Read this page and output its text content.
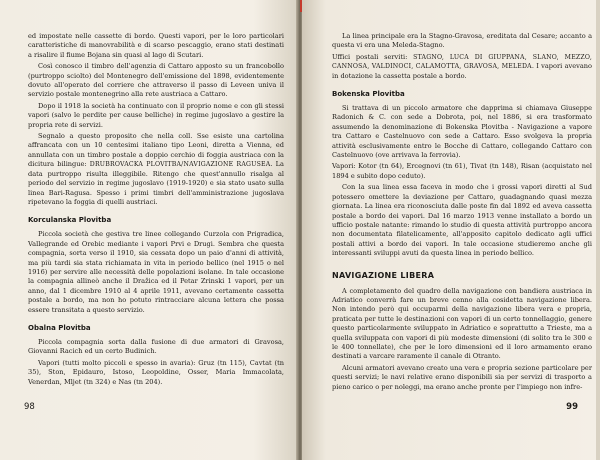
ed impostate nelle cassette di bordo. Questi vapori, per le loro particolari caratteristiche di manovrabilità e di scarso pescaggio, erano stati destinati a risalire il fiume Bojana sin quasi al lago di Scutari.

Così conosco il timbro dell'agenzia di Cattaro apposto su un francobollo (purtroppo sciolto) del Montenegro dell'emissione del 1898, evidentemente dovuto all'operato del corriere che attraverso il passo di Leveen univa il servizio postale montenegrino alla rete austriaca a Cattaro.

Dopo il 1918 la società ha continuato con il proprio nome e con gli stessi vapori (salvo le perdite per cause belliche) in regime jugoslavo a gestire la propria rete di servizi.

Segnalo a questo proposito che nella coll. Sse esiste una cartolina affrancata con un 10 centesimi italiano tipo Leoni, diretta a Vienna, ed annullata con un timbro postale a doppio cerchio di foggia austriaca con la dicitura bilingue: DRUBROVACKA PLOVITBA/NAVIGAZIONE RAGUSEA. La data purtroppo risulta illeggibile. Ritengo che quest'annullo risalga al periodo del servizio in regime jugoslavo (1919-1920) e sia stato usato sulla linea Bari-Ragusa. Spesso i primi timbri dell'amministrazione jugoslava ripetevano la foggia di quelli austriaci.

Korculanska Plovitba

Piccola società che gestiva tre linee collegando Curzola con Prigradica, Vallegrande ed Orebic mediante i vapori Prvi e Drugi. Sembra che questa compagnia, sorta verso il 1910, sia cessata dopo un paio d'anni di attività, ma più tardi sia stata richiamata in vita in periodo bellico (nel 1915 o nel 1916) per servire alle necessità delle popolazioni isolane. In tale occasione la compagnia allineò anche il Dražica ed il Petar Zrinski 1 vapori, per un anno, dal 1 dicembre 1910 al 4 aprile 1911, avevano certamente cassetta postale a bordo, ma non ho potuto rintracciare alcuna lettera che possa essere transitata a questo servizio.

Obalna Plovitba

Piccola compagnia sorta dalla fusione di due armatori di Gravosa, Giovanni Racich ed un certo Budinich.

Vapori (tutti molto piccoli e spesso in avaria): Gruz (tn 115), Cavtat (tn 35), Ston, Epidauro, Istoso, Leopoldine, Osser, Maria Immacolata, Venerdan, Mljet (tn 324) e Nas (tn 204).

98

La linea principale era la Stagno-Gravosa, ereditata dal Cesare; accanto a questa vi era una Meleda-Stagno.

Uffici postali serviti: STAGNO, LUCA DI GIUPPANA, SLANO, MEZZO, CANNOSA, VALDINOCI, CALAMOTTA, GRAVOSA, MELEDA. I vapori avevano in dotazione la cassetta postale a bordo.

Bokenska Plovitba

Si trattava di un piccolo armatore che dapprima si chiamava Giuseppe Radonich & C. con sede a Dobrota, poi, nel 1886, si era trasformato assumendo la denominazione di Bokenska Plovitba - Navigazione a vapore tra Cattaro e Castelnuovo con sede a Cattaro. Esso svolgeva la propria attività esclusivamente entro le Bocche di Cattaro, collegando Cattaro con Castelnuovo (ove arrivava la ferrovia).

Vapori: Kotor (tn 64), Ercegnovi (tn 61), Tivat (tn 148), Risan (acquistato nel 1894 e subito dopo ceduto).

Con la sua linea essa faceva in modo che i grossi vapori diretti al Sud potessero omettere la deviazione per Cattaro, guadagnando quasi mezza giornata. La linea era riconosciuta dalle poste fin dal 1892 ed aveva cassetta postale a bordo dei vapori. Dal 16 marzo 1913 venne installato a bordo un ufficio postale natante: rimando lo studio di questa attività purtroppo ancora non documentata filatelicamente, all'apposito capitolo dedicato agli uffici postali attivi a bordo dei vapori. In tale occasione studieremo anche gli interessanti sviluppi avuti da questa linea in periodo bellico.

NAVIGAZIONE LIBERA

A completamento del quadro della navigazione con bandiera austriaca in Adriatico converrà fare un breve cenno alla cosidetta navigazione libera. Non intendo però qui occuparmi della navigazione libera vera e propria, praticata per tutte le destinazioni con vapori di un certo tonnellaggio, genere questo particolarmente sviluppato in Adriatico e soprattutto a Trieste, ma a quella sviluppata con vapori di più modeste dimensioni (di solito tra le 300 e le 400 tonnellate), che per le loro dimensioni ed il loro armamento erano destinati a varcare raramente il canale di Otranto.

Alcuni armatori avevano creato una vera e propria sezione particolare per questi servizi; le navi relative erano disponibili sia per servizi di trasporto a pieno carico o per noleggi, ma erano anche pronte per l'impiego non infre-

99
